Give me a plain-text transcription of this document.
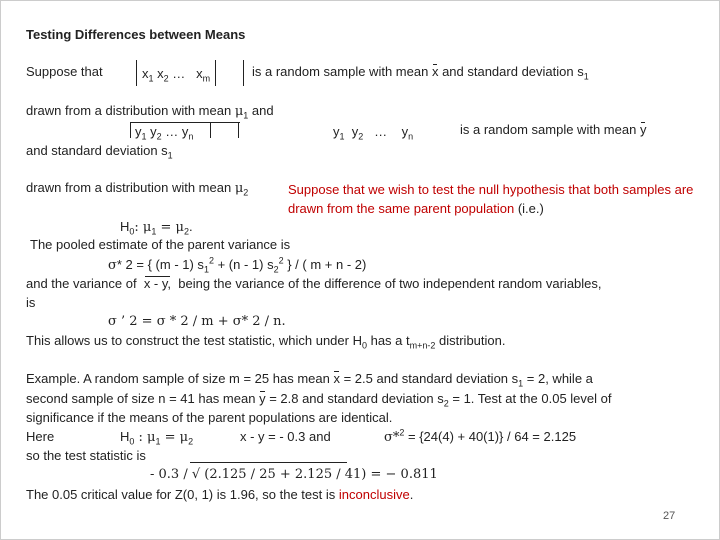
Testing Differences between Means
Suppose that	$x_1$ $x_2$ … $x_m$	is a random sample with mean x and standard deviation $s_1$
drawn from a distribution with mean $\mu_1$ and
$y_1$ $y_2$ … $y_n$	$y_1$ $y_2$ … $y_n$	is a random sample with mean y
and standard deviation $s_1$
drawn from a distribution with mean $\mu_2$	Suppose that we wish to test the null hypothesis that both samples are drawn from the same parent population (i.e.)
$H_0$: $\mu_1 = \mu_2$.
The pooled estimate of the parent variance is
σ* 2 = { (m - 1) $s_1^2 + (n - 1)$ $s_2^2$ } / ( m + n - 2)
and the variance of x - y, being the variance of the difference of two independent random variables,
is
σ ’ 2 = σ * 2 / m + σ* 2 / n.
This allows us to construct the test statistic, which under $H_0$ has a $t_{m+n-2}$ distribution.
Example. A random sample of size m = 25 has mean x = 2.5 and standard deviation $s_1 = 2$, while a
second sample of size n = 41 has mean y = 2.8 and standard deviation $s_2 = 1$. Test at the 0.05 level of
significance if the means of the parent populations are identical.
Here	$H_0$ : $\mu_1 = \mu_2$	x - y = - 0.3 and	σ*$^2$ = {24(4) + 40(1)} / 64 = 2.125
so the test statistic is
- 0.3 / √ (2.125 / 25 + 2.125 / 41) = − 0.811
The 0.05 critical value for Z(0, 1) is 1.96, so the test is inconclusive.
27
